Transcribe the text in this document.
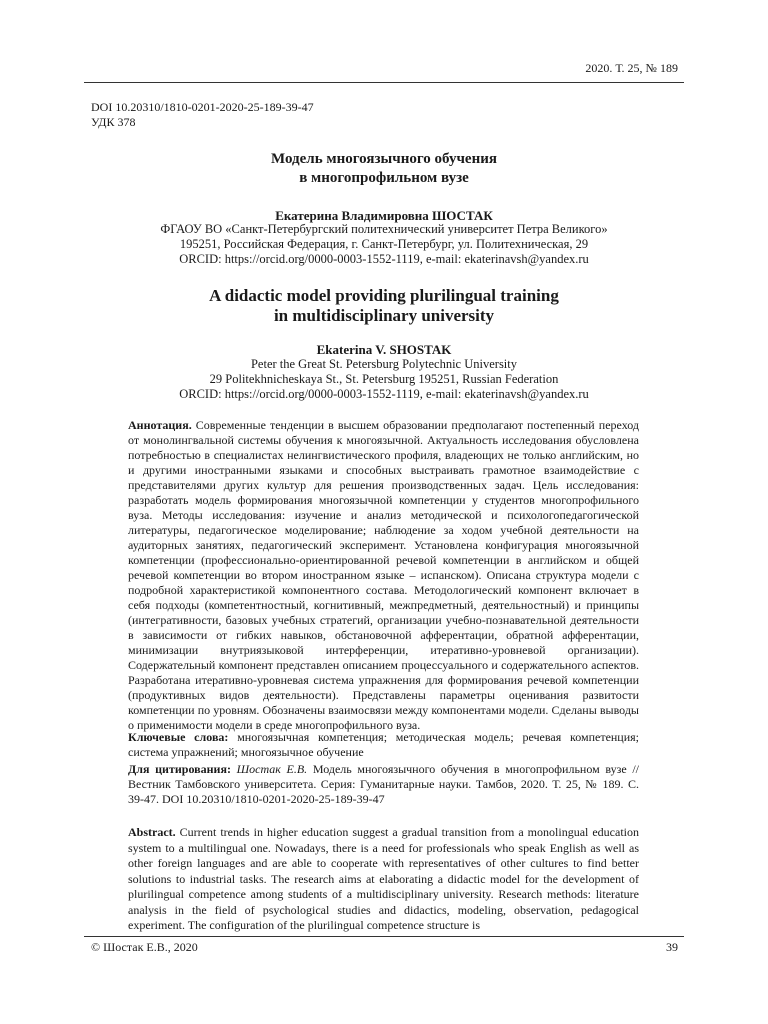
2020. Т. 25, № 189
DOI 10.20310/1810-0201-2020-25-189-39-47
УДК 378
Модель многоязычного обучения
в многопрофильном вузе
Екатерина Владимировна ШОСТАК
ФГАОУ ВО «Санкт-Петербургский политехнический университет Петра Великого»
195251, Российская Федерация, г. Санкт-Петербург, ул. Политехническая, 29
ORCID: https://orcid.org/0000-0003-1552-1119, e-mail: ekaterinavsh@yandex.ru
A didactic model providing plurilingual training
in multidisciplinary university
Ekaterina V. SHOSTAK
Peter the Great St. Petersburg Polytechnic University
29 Politekhnicheskaya St., St. Petersburg 195251, Russian Federation
ORCID: https://orcid.org/0000-0003-1552-1119, e-mail: ekaterinavsh@yandex.ru
Аннотация. Современные тенденции в высшем образовании предполагают постепенный переход от монолингвальной системы обучения к многоязычной. Актуальность исследования обусловлена потребностью в специалистах нелингвистического профиля, владеющих не только английским, но и другими иностранными языками и способных выстраивать грамотное взаимодействие с представителями других культур для решения производственных задач. Цель исследования: разработать модель формирования многоязычной компетенции у студентов многопрофильного вуза. Методы исследования: изучение и анализ методической и психологопедагогической литературы, педагогическое моделирование; наблюдение за ходом учебной деятельности на аудиторных занятиях, педагогический эксперимент. Установлена конфигурация многоязычной компетенции (профессионально-ориентированной речевой компетенции в английском и общей речевой компетенции во втором иностранном языке – испанском). Описана структура модели с подробной характеристикой компонентного состава. Методологический компонент включает в себя подходы (компетентностный, когнитивный, межпредметный, деятельностный) и принципы (интегративности, базовых учебных стратегий, организации учебно-познавательной деятельности в зависимости от гибких навыков, обстановочной афферентации, обратной афферентации, минимизации внутриязыковой интерференции, итеративно-уровневой организации). Содержательный компонент представлен описанием процессуального и содержательного аспектов. Разработана итеративно-уровневая система упражнения для формирования речевой компетенции (продуктивных видов деятельности). Представлены параметры оценивания развитости компетенции по уровням. Обозначены взаимосвязи между компонентами модели. Сделаны выводы о применимости модели в среде многопрофильного вуза.
Ключевые слова: многоязычная компетенция; методическая модель; речевая компетенция; система упражнений; многоязычное обучение
Для цитирования: Шостак Е.В. Модель многоязычного обучения в многопрофильном вузе // Вестник Тамбовского университета. Серия: Гуманитарные науки. Тамбов, 2020. Т. 25, № 189. С. 39-47. DOI 10.20310/1810-0201-2020-25-189-39-47
Abstract. Current trends in higher education suggest a gradual transition from a monolingual education system to a multilingual one. Nowadays, there is a need for professionals who speak English as well as other foreign languages and are able to cooperate with representatives of other cultures to find better solutions to industrial tasks. The research aims at elaborating a didactic model for the development of plurilingual competence among students of a multidisciplinary university. Research methods: literature analysis in the field of psychological studies and didactics, modeling, observation, pedagogical experiment. The configuration of the plurilingual competence structure is
© Шостак Е.В., 2020	39
